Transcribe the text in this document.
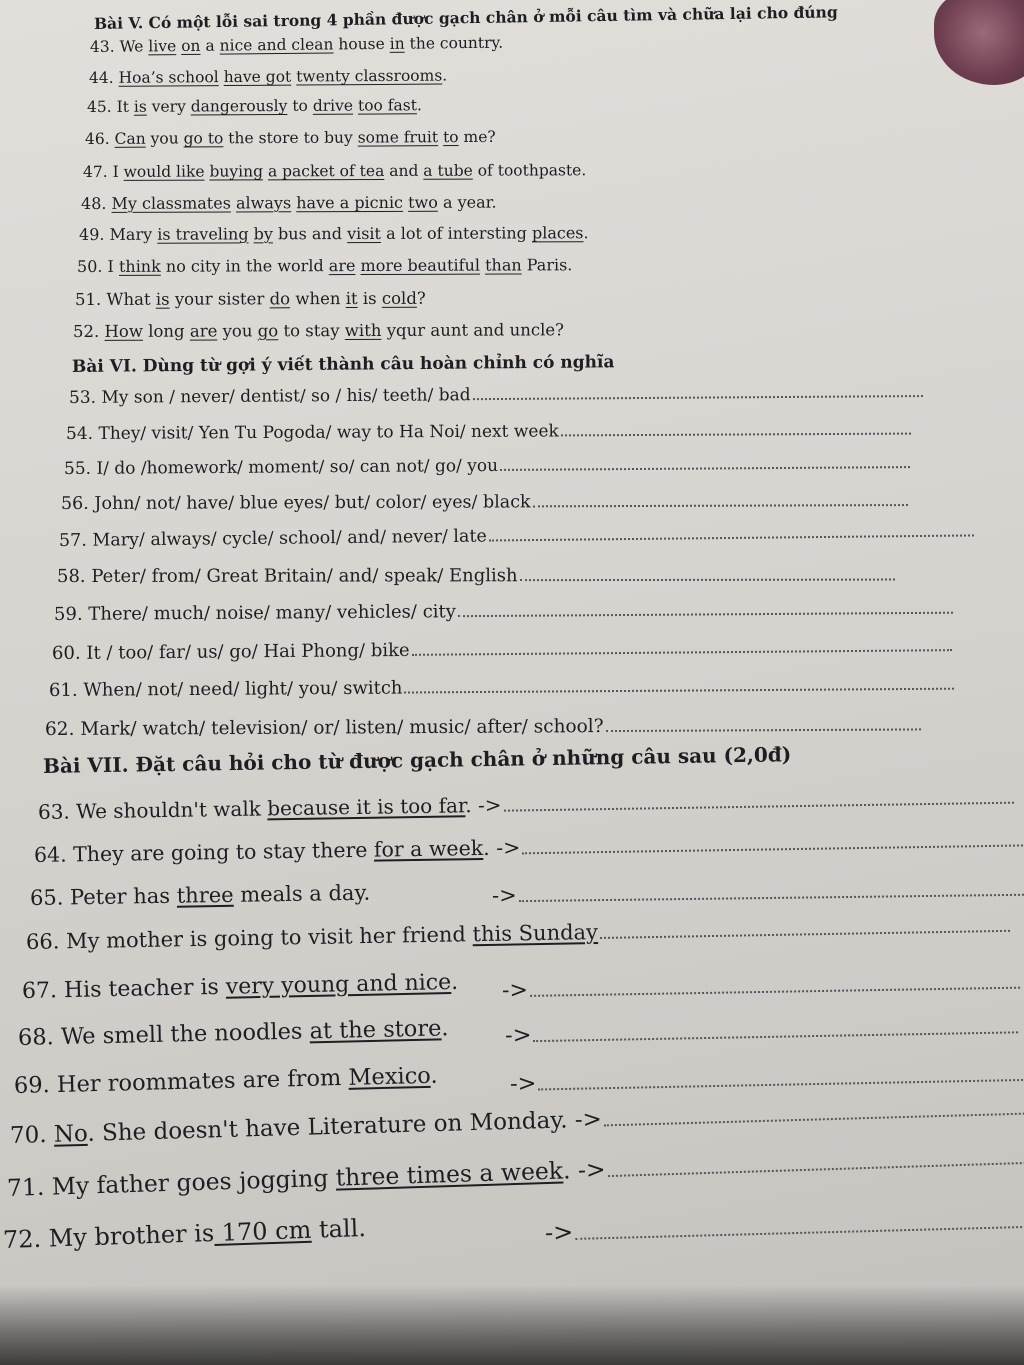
Bài V. Có một lỗi sai trong 4 phần được gạch chân ở mỗi câu tìm và chữa lại cho đúng
43. We live on a nice and clean house in the country.
44. Hoa’s school have got twenty classrooms.
45. It is very dangerously to drive too fast.
46. Can you go to the store to buy some fruit to me?
47. I would like buying a packet of tea and a tube of toothpaste.
48. My classmates always have a picnic two a year.
49. Mary is traveling by bus and visit a lot of intersting places.
50. I think no city in the world are more beautiful than Paris.
51. What is your sister do when it is cold?
52. How long are you go to stay with yqur aunt and uncle?
Bài VI. Dùng từ gợi ý viết thành câu hoàn chỉnh có nghĩa
53. My son / never/ dentist/ so / his/ teeth/ bad
54. They/ visit/ Yen Tu Pogoda/ way to Ha Noi/ next week
55. I/ do /homework/ moment/ so/ can not/ go/ you
56. John/ not/ have/ blue eyes/ but/ color/ eyes/ black
57. Mary/ always/ cycle/ school/ and/ never/ late
58. Peter/ from/ Great Britain/ and/ speak/ English
59. There/ much/ noise/ many/ vehicles/ city
60. It / too/ far/ us/ go/ Hai Phong/ bike
61. When/ not/ need/ light/ you/ switch
62. Mark/ watch/ television/ or/ listen/ music/ after/ school?
Bài VII. Đặt câu hỏi cho từ được gạch chân ở những câu sau (2,0đ)
63. We shouldn't walk because it is too far. ->
64. They are going to stay there for a week. ->
65. Peter has three meals a day.	->
66. My mother is going to visit her friend this Sunday
67. His teacher is very young and nice. ->
68. We smell the noodles at the store. ->
69. Her roommates are from Mexico.	->
70. No. She doesn't have Literature on Monday. ->
71. My father goes jogging three times a week. ->
72. My brother is 170 cm tall.	->
